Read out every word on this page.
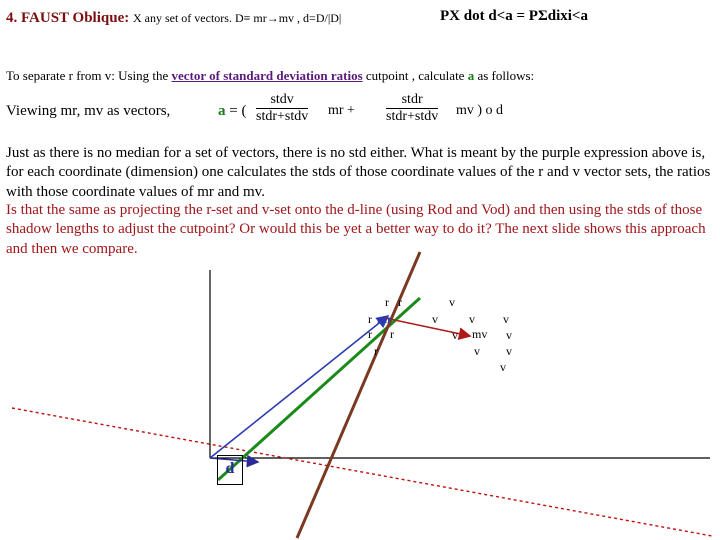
4. FAUST Oblique: X any set of vectors. D≡ mr→mv , d=D/|D|	PX dot d<a = PΣdixi<a
To separate r from v: Using the vector of standard deviation ratios cutpoint , calculate a as follows:
Viewing mr, mv as vectors,	a = (
stdv
stdr+stdv mr +
stdr
stdr+stdv mv ) o d
Just as there is no median for a set of vectors, there is no std either. What is meant by the purple expression above is, for each coordinate (dimension) one calculates the stds of those coordinate values of the r and v vector sets, the ratios with those coordinate values of mr and mv.
Is that the same as projecting the r-set and v-set onto the d-line (using Rod and Vod) and then using the stds of those shadow lengths to adjust the cutpoint? Or would this be yet a better way to do it? The next slide shows this approach and then we compare.
r r
r mr
r r
r
v
v	v v
v mv v
v v
v
d
